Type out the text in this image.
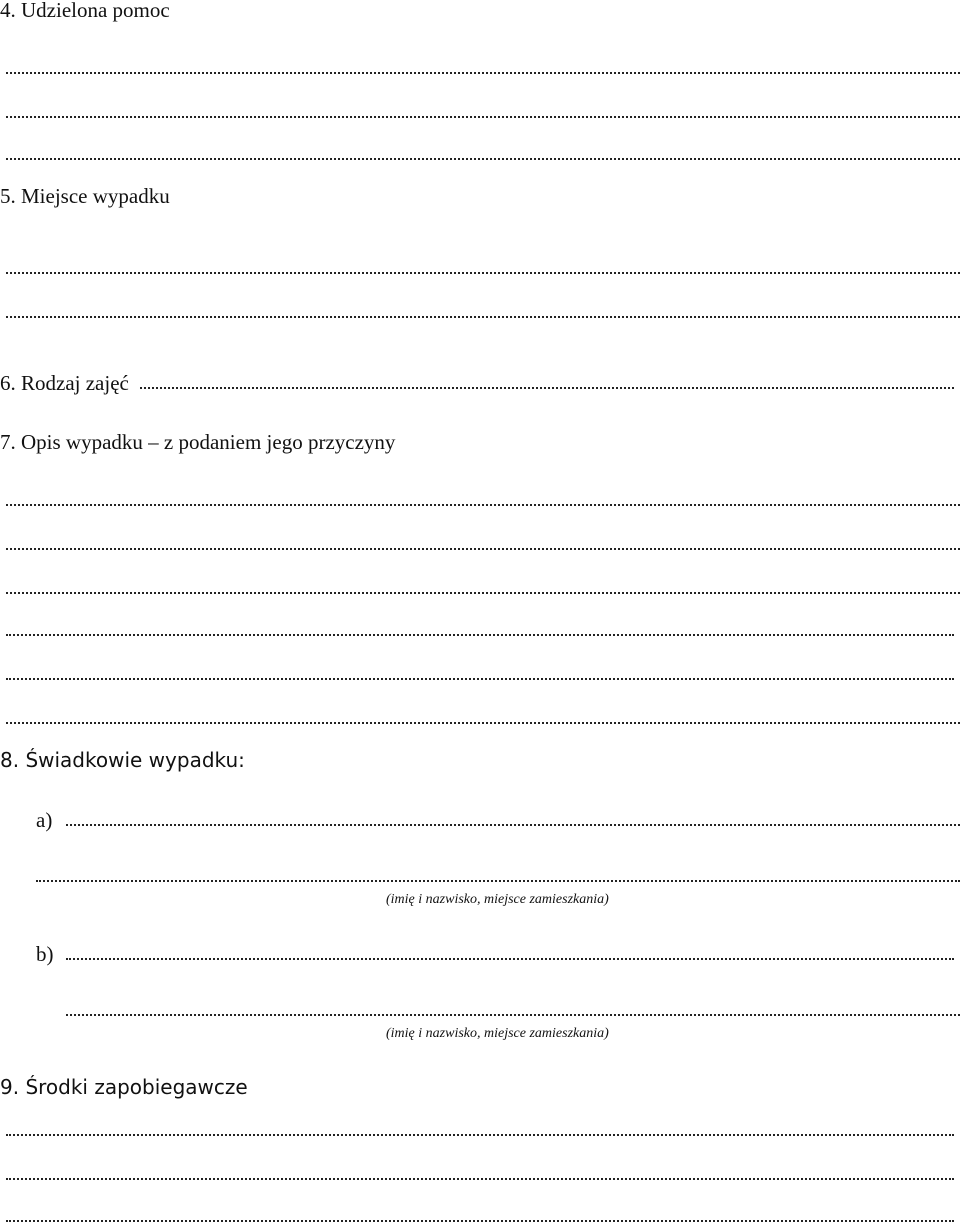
4. Udzielona pomoc
5. Miejsce wypadku
6. Rodzaj zajęć
7. Opis wypadku – z podaniem jego przyczyny
8. Świadkowie wypadku:
a)
(imię i nazwisko, miejsce zamieszkania)
b)
(imię i nazwisko, miejsce zamieszkania)
9. Środki zapobiegawcze
